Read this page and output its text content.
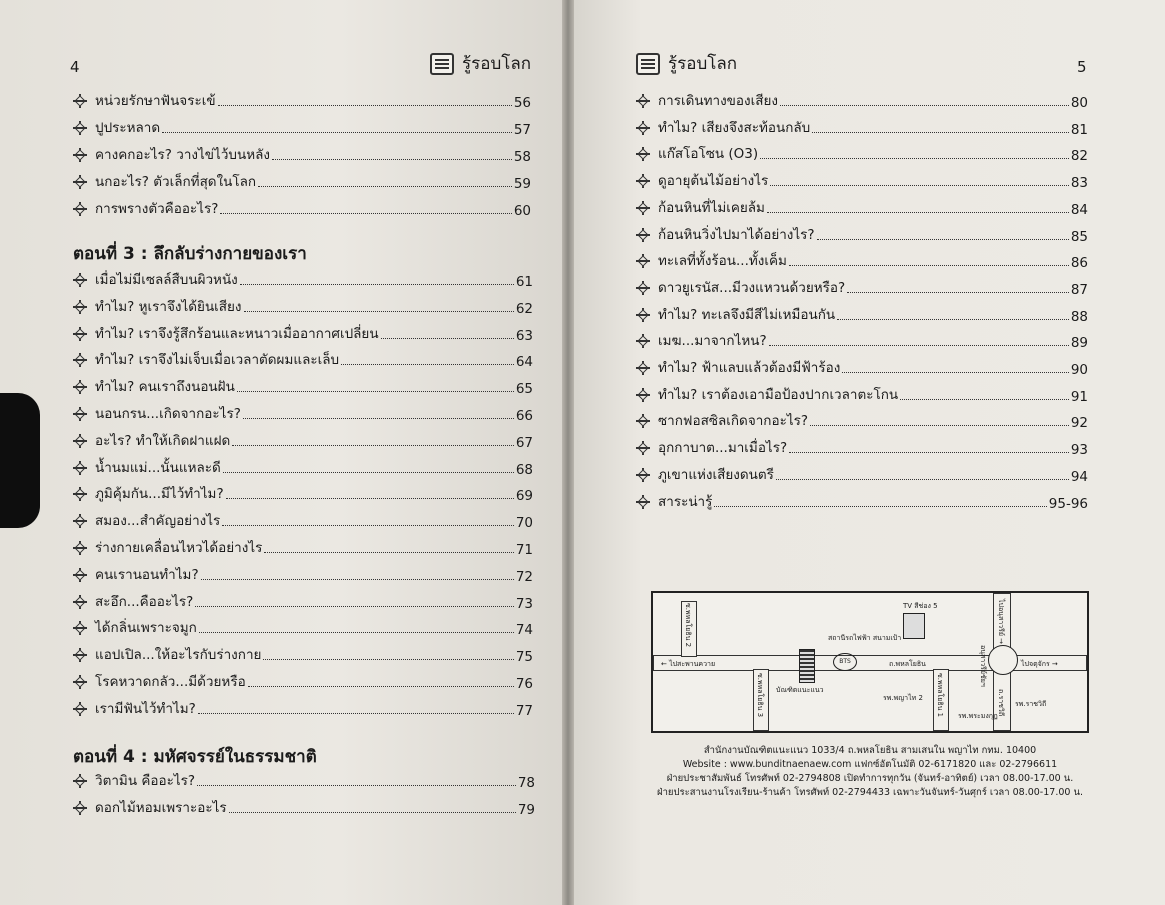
4	รู้รอบโลก	รู้รอบโลก	5
หน่วยรักษาฟันจระเข้	56
ปูประหลาด	57
คางคกอะไร? วางไข่ไว้บนหลัง	58
นกอะไร? ตัวเล็กที่สุดในโลก	59
การพรางตัวคืออะไร?	60
ตอนที่ 3 : ลึกลับร่างกายของเรา
เมื่อไม่มีเซลล์สืบนผิวหนัง	61
ทำไม? หูเราจึงได้ยินเสียง	62
ทำไม? เราจึงรู้สึกร้อนและหนาวเมื่ออากาศเปลี่ยน	63
ทำไม? เราจึงไม่เจ็บเมื่อเวลาตัดผมและเล็บ	64
ทำไม? คนเราถึงนอนฝัน	65
นอนกรน...เกิดจากอะไร?	66
อะไร? ทำให้เกิดฝาแฝด	67
น้ำนมแม่...นั้นแหละดี	68
ภูมิคุ้มกัน...มีไว้ทำไม?	69
สมอง...สำคัญอย่างไร	70
ร่างกายเคลื่อนไหวได้อย่างไร	71
คนเรานอนทำไม?	72
สะอึก...คืออะไร?	73
ได้กลิ่นเพราะจมูก	74
แอปเปิล...ให้อะไรกับร่างกาย	75
โรคหวาดกลัว...มีด้วยหรือ	76
เรามีฟันไว้ทำไม?	77
ตอนที่ 4 : มหัศจรรย์ในธรรมชาติ
วิตามิน คืออะไร?	78
ดอกไม้หอมเพราะอะไร	79
การเดินทางของเสียง	80
ทำไม? เสียงจึงสะท้อนกลับ	81
แก๊สโอโซน (O3)	82
ดูอายุต้นไม้อย่างไร	83
ก้อนหินที่ไม่เคยล้ม	84
ก้อนหินวิ่งไปมาได้อย่างไร?	85
ทะเลที่ทั้งร้อน...ทั้งเค็ม	86
ดาวยูเรนัส...มีวงแหวนด้วยหรือ?	87
ทำไม? ทะเลจึงมีสีไม่เหมือนกัน	88
เมฆ...มาจากไหน?	89
ทำไม? ฟ้าแลบแล้วต้องมีฟ้าร้อง	90
ทำไม? เราต้องเอามือป้องปากเวลาตะโกน	91
ซากฟอสซิลเกิดจากอะไร?	92
อุกกาบาต...มาเมื่อไร?	93
ภูเขาแห่งเสียงดนตรี	94
สาระน่ารู้	95-96
BTS
TV สีช่อง 5
สถานีรถไฟฟ้า สนามเป้า
ถ.พหลโยธิน
← ไปสะพานควาย	ไปจตุจักร →
บัณฑิตแนะแนว
รพ.พญาไท 2
รพ.พระมงกุฎ
รพ.ราชวิถี
ซ.พหลโยธิน 2
ซ.พหลโยธิน 3	ซ.พหลโยธิน 1
อนุสาวรีย์ชัยฯ
ไปอนุสาวรีย์ →
ถ.ราชวิถี
สำนักงานบัณฑิตแนะแนว 1033/4 ถ.พหลโยธิน สามเสนใน พญาไท กทม. 10400
Website : www.bunditnaenaew.com แฟกซ์อัตโนมัติ 02-6171820 และ 02-2796611
ฝ่ายประชาสัมพันธ์ โทรศัพท์ 02-2794808 เปิดทำการทุกวัน (จันทร์-อาทิตย์) เวลา 08.00-17.00 น.
ฝ่ายประสานงานโรงเรียน-ร้านค้า โทรศัพท์ 02-2794433 เฉพาะวันจันทร์-วันศุกร์ เวลา 08.00-17.00 น.
